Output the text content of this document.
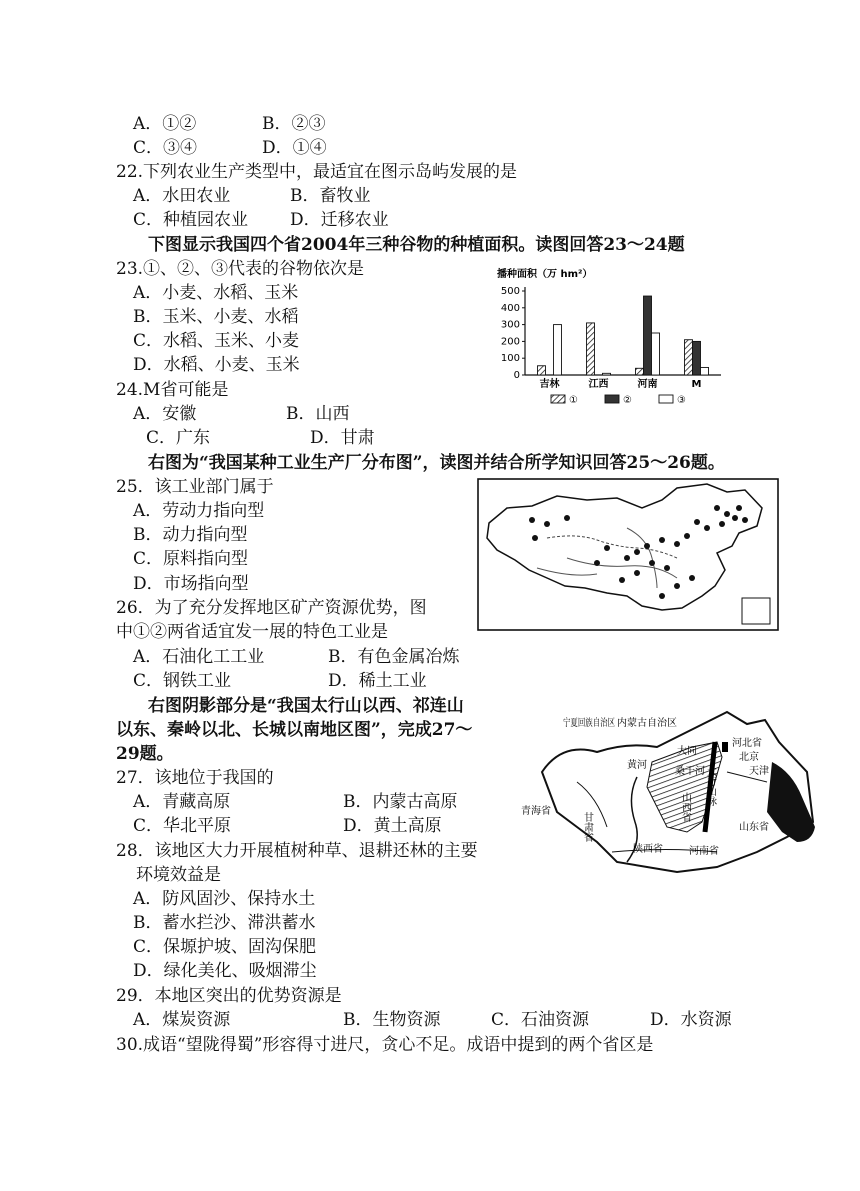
A．①②	B．②③
C．③④	D．①④
22.下列农业生产类型中，最适宜在图示岛屿发展的是
A．水田农业	B．畜牧业
C．种植园农业 D．迁移农业
下图显示我国四个省2004年三种谷物的种植面积。读图回答23～24题
23.①、②、③代表的谷物依次是
A．小麦、水稻、玉米
B．玉米、小麦、水稻
C．水稻、玉米、小麦
D．水稻、小麦、玉米
24.M省可能是
A．安徽	B．山西
C．广东	D．甘肃
右图为“我国某种工业生产厂分布图”，读图并结合所学知识回答25～26题。
25．该工业部门属于
A．劳动力指向型
B．动力指向型
C．原料指向型
D．市场指向型
26．为了充分发挥地区矿产资源优势，图
中①②两省适宜发一展的特色工业是
A．石油化工工业	B．有色金属冶炼
C．钢铁工业	D．稀土工业
右图阴影部分是“我国太行山以西、祁连山
以东、秦岭以北、长城以南地区图”，完成27～
29题。
27．该地位于我国的
A．青藏高原	B．内蒙古高原
C．华北平原	D．黄土高原
28．该地区大力开展植树种草、退耕还林的主要
环境效益是
A．防风固沙、保持水土
B．蓄水拦沙、滞洪蓄水
C．保塬护坡、固沟保肥
D．绿化美化、吸烟滞尘
29．本地区突出的优势资源是
A．煤炭资源	B．生物资源	C．石油资源	D．水资源
30.成语“望陇得蜀”形容得寸进尺，贪心不足。成语中提到的两个省区是
播种面积（万 hm²）
0
100
200
300
400
500
吉林	江西	河南	M
①	②	③
宁夏回族自治区
内蒙古自治区
大同
河北省
北京
天津
黄河
桑干河 太行山脉
青海省
甘肃省
山西省
陕西省
山东省
河南省
